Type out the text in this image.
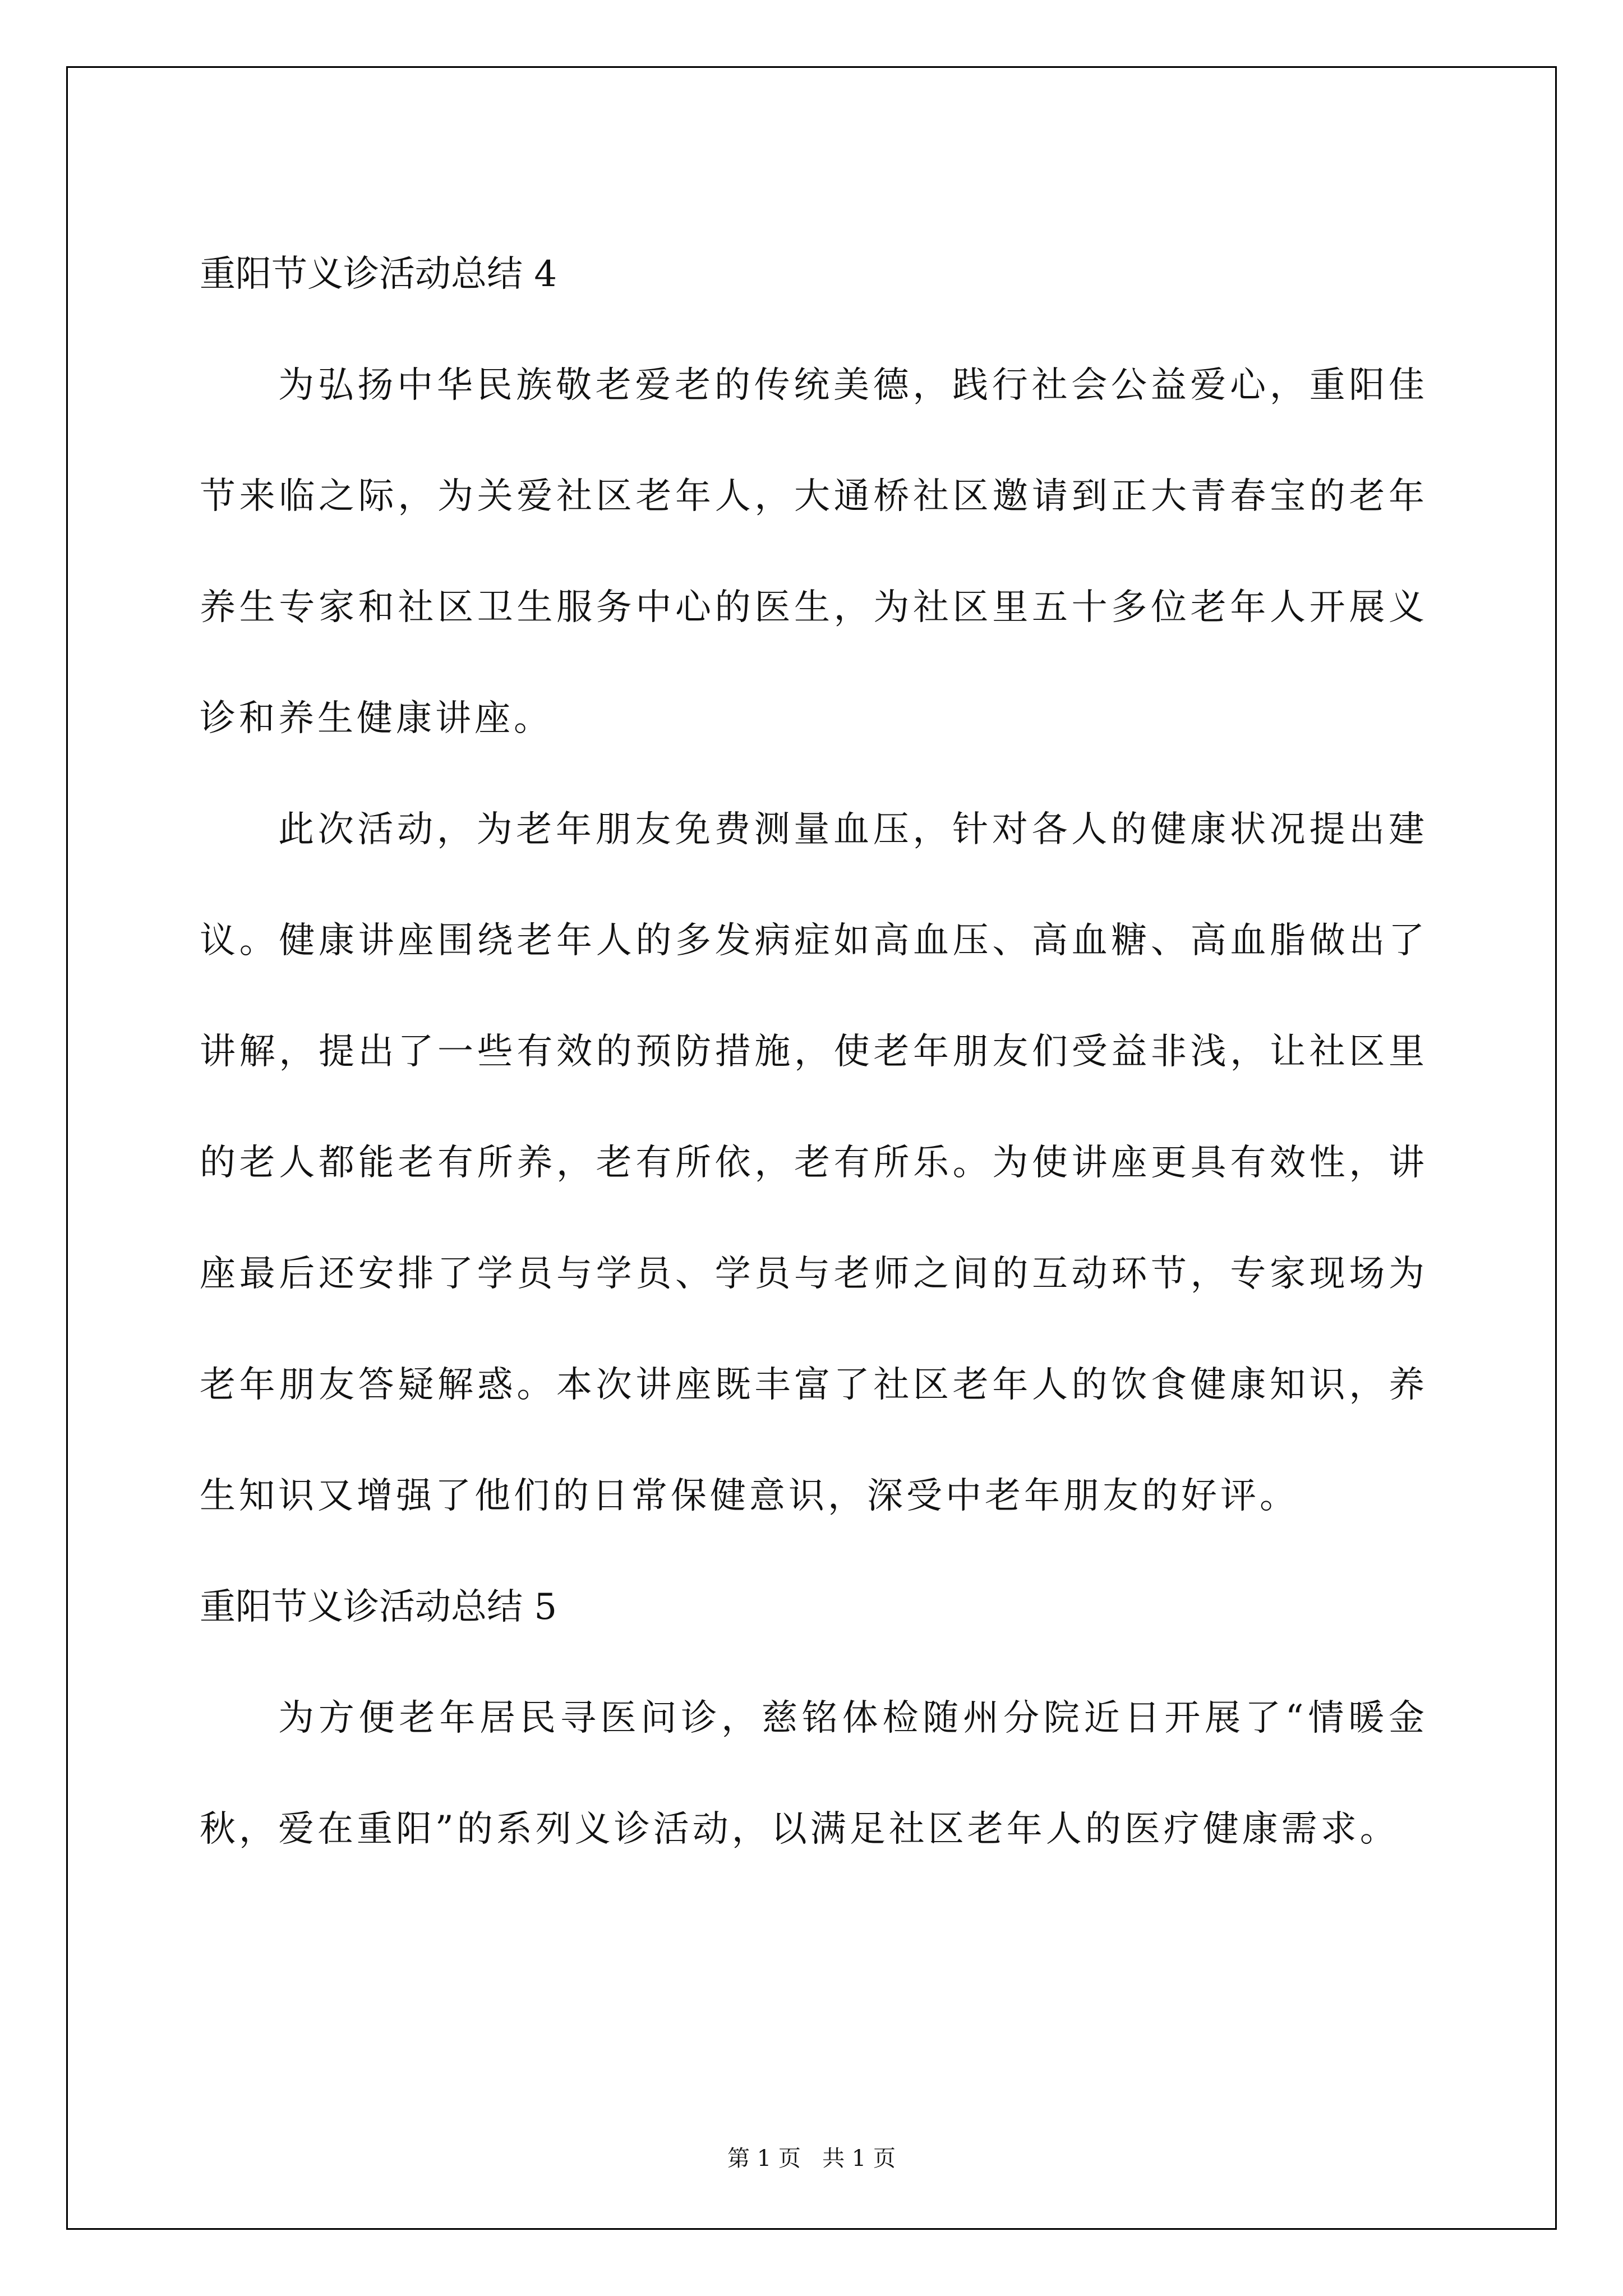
重阳节义诊活动总结 4

为弘扬中华民族敬老爱老的传统美德，践行社会公益爱心，重阳佳节来临之际，为关爱社区老年人，大通桥社区邀请到正大青春宝的老年养生专家和社区卫生服务中心的医生，为社区里五十多位老年人开展义诊和养生健康讲座。

此次活动，为老年朋友免费测量血压，针对各人的健康状况提出建议。健康讲座围绕老年人的多发病症如高血压、高血糖、高血脂做出了讲解，提出了一些有效的预防措施，使老年朋友们受益非浅，让社区里的老人都能老有所养，老有所依，老有所乐。为使讲座更具有效性，讲座最后还安排了学员与学员、学员与老师之间的互动环节，专家现场为老年朋友答疑解惑。本次讲座既丰富了社区老年人的饮食健康知识，养生知识又增强了他们的日常保健意识，深受中老年朋友的好评。

重阳节义诊活动总结 5

为方便老年居民寻医问诊，慈铭体检随州分院近日开展了“情暖金秋，爱在重阳”的系列义诊活动，以满足社区老年人的医疗健康需求。

第 1 页   共 1 页
